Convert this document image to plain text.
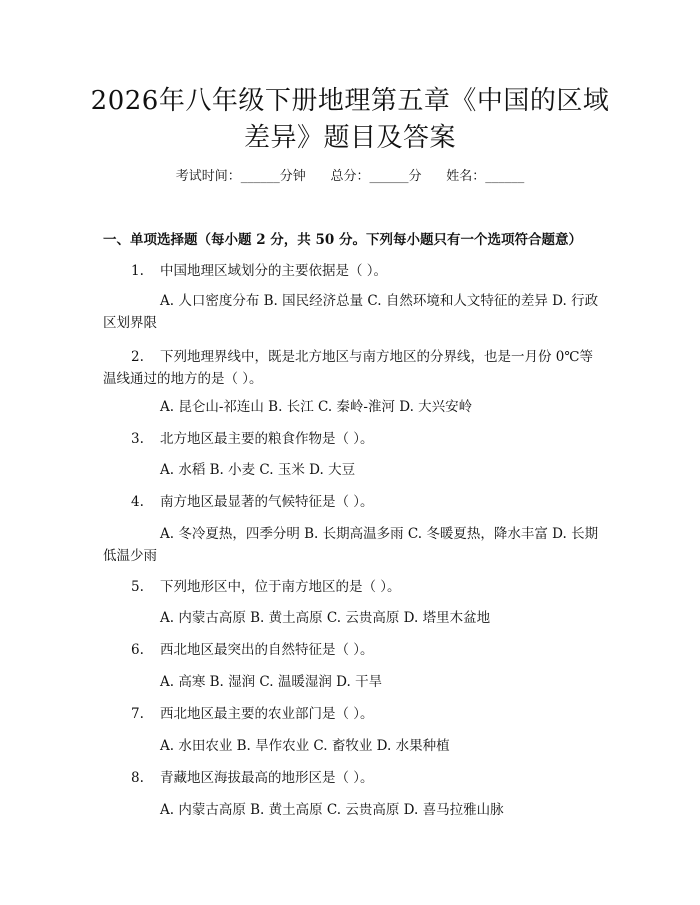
2026年八年级下册地理第五章《中国的区域
差异》题目及答案
考试时间：______分钟      总分：______分      姓名：______
一、单项选择题（每小题 2 分，共 50 分。下列每小题只有一个选项符合题意）
1. 中国地理区域划分的主要依据是（ ）。
A. 人口密度分布 B. 国民经济总量 C. 自然环境和人文特征的差异 D. 行政区划界限
2.	下列地理界线中，既是北方地区与南方地区的分界线，也是一月份 0℃等温线通过的地方的是（ ）。
A. 昆仑山-祁连山 B. 长江 C. 秦岭-淮河 D. 大兴安岭
3. 北方地区最主要的粮食作物是（ ）。
A. 水稻 B. 小麦 C. 玉米 D. 大豆
4. 南方地区最显著的气候特征是（ ）。
A. 冬冷夏热，四季分明 B. 长期高温多雨 C. 冬暖夏热，降水丰富 D. 长期低温少雨
5. 下列地形区中，位于南方地区的是（ ）。
A. 内蒙古高原 B. 黄土高原 C. 云贵高原 D. 塔里木盆地
6. 西北地区最突出的自然特征是（ ）。
A. 高寒 B. 湿润 C. 温暖湿润 D. 干旱
7. 西北地区最主要的农业部门是（ ）。
A. 水田农业 B. 旱作农业 C. 畜牧业 D. 水果种植
8. 青藏地区海拔最高的地形区是（ ）。
A. 内蒙古高原 B. 黄土高原 C. 云贵高原 D. 喜马拉雅山脉
